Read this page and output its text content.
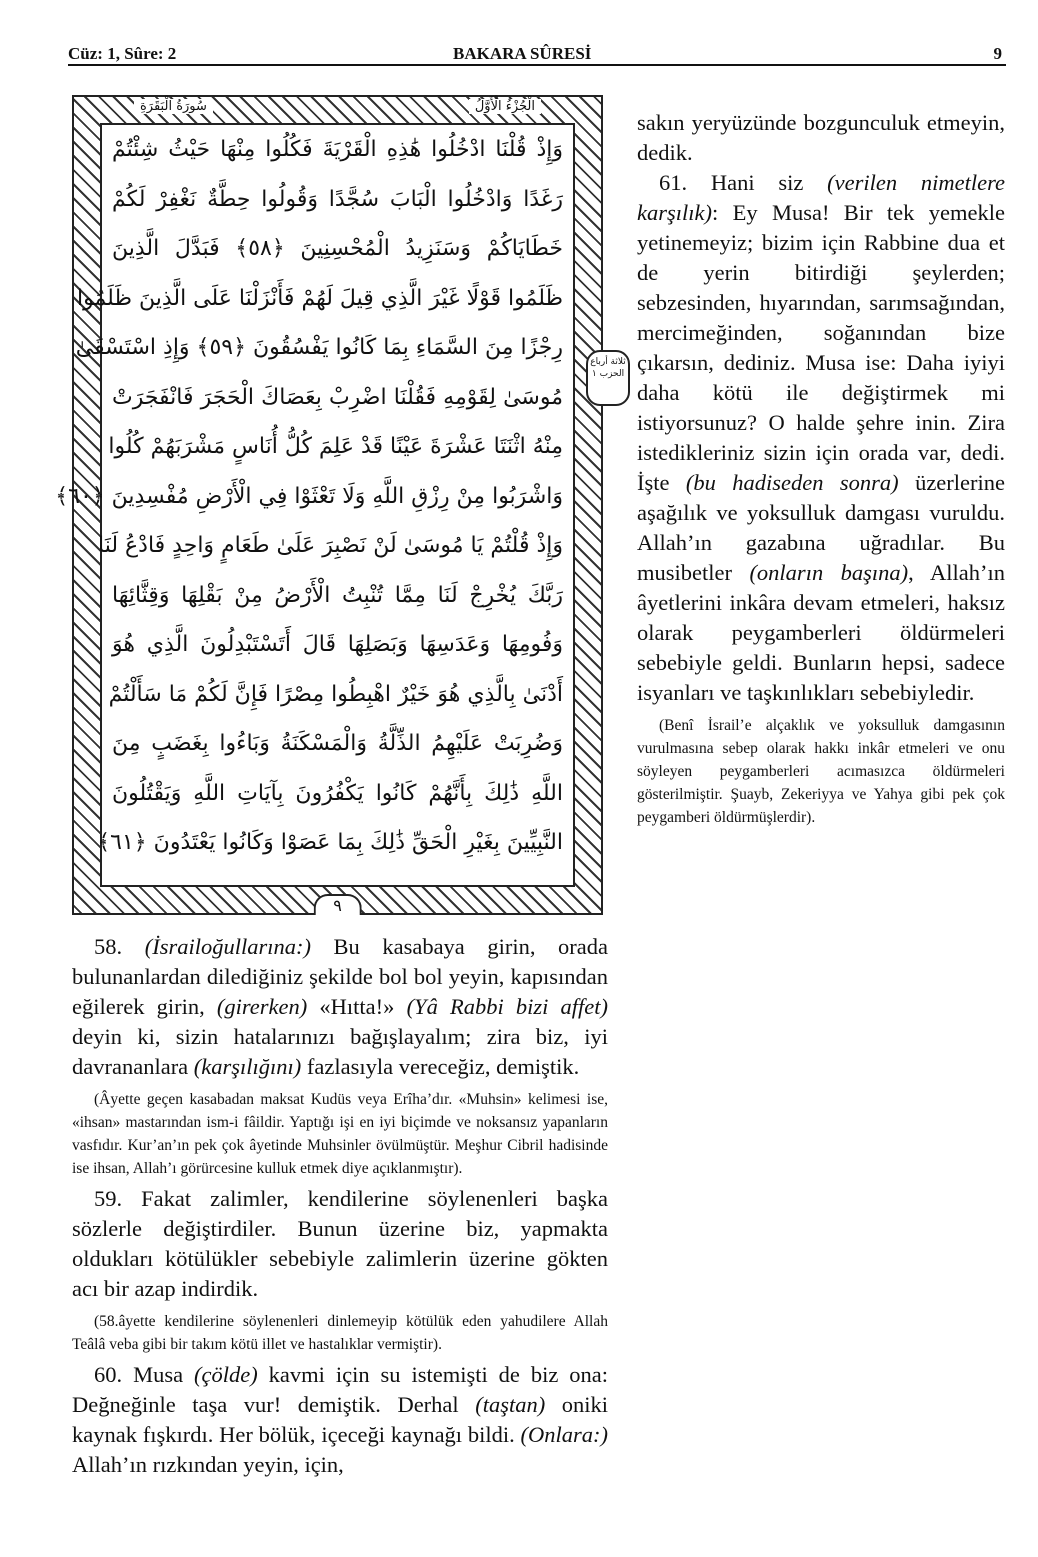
Cüz: 1, Sûre: 2	BAKARA SÛRESİ	9
سُورَةُ الْبَقَرَةِ	الْجُزْءُ الْأَوَّلُ
وَإِذْ قُلْنَا ادْخُلُوا هَٰذِهِ الْقَرْيَةَ فَكُلُوا مِنْهَا حَيْثُ شِئْتُمْ
رَغَدًا وَادْخُلُوا الْبَابَ سُجَّدًا وَقُولُوا حِطَّةٌ نَغْفِرْ لَكُمْ
خَطَايَاكُمْ وَسَنَزِيدُ الْمُحْسِنِينَ ﴿٥٨﴾ فَبَدَّلَ الَّذِينَ
ظَلَمُوا قَوْلًا غَيْرَ الَّذِي قِيلَ لَهُمْ فَأَنْزَلْنَا عَلَى الَّذِينَ ظَلَمُوا
رِجْزًا مِنَ السَّمَاءِ بِمَا كَانُوا يَفْسُقُونَ ﴿٥٩﴾ وَإِذِ اسْتَسْقَىٰ
مُوسَىٰ لِقَوْمِهِ فَقُلْنَا اضْرِبْ بِعَصَاكَ الْحَجَرَ فَانْفَجَرَتْ
مِنْهُ اثْنَتَا عَشْرَةَ عَيْنًا قَدْ عَلِمَ كُلُّ أُنَاسٍ مَشْرَبَهُمْ كُلُوا
وَاشْرَبُوا مِنْ رِزْقِ اللَّهِ وَلَا تَعْثَوْا فِي الْأَرْضِ مُفْسِدِينَ ﴿٦٠﴾
وَإِذْ قُلْتُمْ يَا مُوسَىٰ لَنْ نَصْبِرَ عَلَىٰ طَعَامٍ وَاحِدٍ فَادْعُ لَنَا
رَبَّكَ يُخْرِجْ لَنَا مِمَّا تُنْبِتُ الْأَرْضُ مِنْ بَقْلِهَا وَقِثَّائِهَا
وَفُومِهَا وَعَدَسِهَا وَبَصَلِهَا قَالَ أَتَسْتَبْدِلُونَ الَّذِي هُوَ
أَدْنَىٰ بِالَّذِي هُوَ خَيْرٌ اهْبِطُوا مِصْرًا فَإِنَّ لَكُمْ مَا سَأَلْتُمْ
وَضُرِبَتْ عَلَيْهِمُ الذِّلَّةُ وَالْمَسْكَنَةُ وَبَاءُوا بِغَضَبٍ مِنَ
اللَّهِ ذَٰلِكَ بِأَنَّهُمْ كَانُوا يَكْفُرُونَ بِآيَاتِ اللَّهِ وَيَقْتُلُونَ
النَّبِيِّينَ بِغَيْرِ الْحَقِّ ذَٰلِكَ بِمَا عَصَوْا وَكَانُوا يَعْتَدُونَ ﴿٦١﴾
٩
ثلاثة أرباع الحزب ١

sakın yeryüzünde bozgunculuk etmeyin, dedik.

61. Hani siz (verilen nimetlere karşılık): Ey Musa! Bir tek yemekle yetinemeyiz; bizim için Rabbine dua et de yerin bitirdiği şeylerden; sebzesinden, hıyarından, sarımsağından, mercimeğinden, soğanından bize çıkarsın, dediniz. Musa ise: Daha iyiyi daha kötü ile değiştirmek mi istiyorsunuz? O halde şehre inin. Zira istedikleriniz sizin için orada var, dedi. İşte (bu hadiseden sonra) üzerlerine aşağılık ve yoksulluk damgası vuruldu. Allah’ın gazabına uğradılar. Bu musibetler (onların başına), Allah’ın âyetlerini inkâra devam etmeleri, haksız olarak peygamberleri öldürmeleri sebebiyle geldi. Bunların hepsi, sadece isyanları ve taşkınlıkları sebebiyledir.

(Benî İsrail’e alçaklık ve yoksulluk damgasının vurulmasına sebep olarak hakkı inkâr etmeleri ve onu söyleyen peygamberleri acımasızca öldürmeleri gösterilmiştir. Şuayb, Zekeriyya ve Yahya gibi pek çok peygamberi öldürmüşlerdir).

58. (İsrailoğullarına:) Bu kasabaya girin, orada bulunanlardan dilediğiniz şekilde bol bol yeyin, kapısından eğilerek girin, (girerken) «Hıtta!» (Yâ Rabbi bizi affet) deyin ki, sizin hatalarınızı bağışlayalım; zira biz, iyi davrananlara (karşılığını) fazlasıyla vereceğiz, demiştik.

(Âyette geçen kasabadan maksat Kudüs veya Erîha’dır. «Muhsin» kelimesi ise, «ihsan» mastarından ism-i fâildir. Yaptığı işi en iyi biçimde ve noksansız yapanların vasfıdır. Kur’an’ın pek çok âyetinde Muhsinler övülmüştür. Meşhur Cibril hadisinde ise ihsan, Allah’ı görürcesine kulluk etmek diye açıklanmıştır).

59. Fakat zalimler, kendilerine söylenenleri başka sözlerle değiştirdiler. Bunun üzerine biz, yapmakta oldukları kötülükler sebebiyle zalimlerin üzerine gökten acı bir azap indirdik.

(58.âyette kendilerine söylenenleri dinlemeyip kötülük eden yahudilere Allah Teâlâ veba gibi bir takım kötü illet ve hastalıklar vermiştir).

60. Musa (çölde) kavmi için su istemişti de biz ona: Değneğinle taşa vur! demiştik. Derhal (taştan) oniki kaynak fışkırdı. Her bölük, içeceği kaynağı bildi. (Onlara:) Allah’ın rızkından yeyin, için,
